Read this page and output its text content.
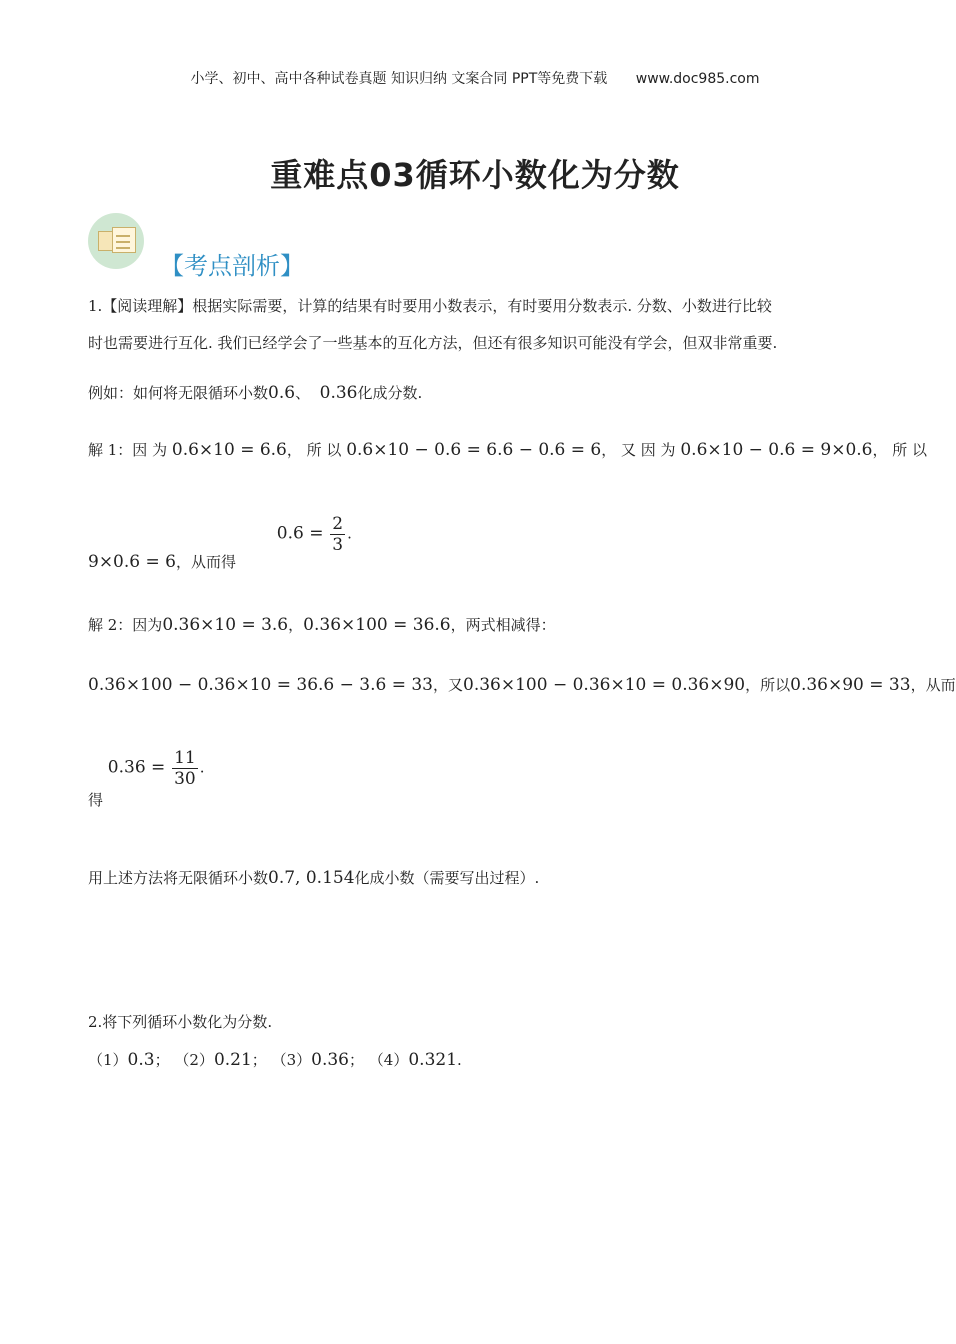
小学、初中、高中各种试卷真题 知识归纳 文案合同 PPT等免费下载 www.doc985.com
重难点03循环小数化为分数
【考点剖析】
1.【阅读理解】根据实际需要，计算的结果有时要用小数表示，有时要用分数表示. 分数、小数进行比较
时也需要进行互化. 我们已经学会了一些基本的互化方法，但还有很多知识可能没有学会，但双非常重要.
例如：如何将无限循环小数0.6、 0.36化成分数.
解 1：因 为 0.6×10 = 6.6， 所 以 0.6×10 − 0.6 = 6.6 − 0.6 = 6， 又 因 为 0.6×10 − 0.6 = 9×0.6， 所 以
9×0.6 = 6，从而得 $0.6 = \frac{2}{3}$ .
解 2：因为0.36×10 = 3.6，0.36×100 = 36.6，两式相减得：
0.36×100 − 0.36×10 = 36.6 − 3.6 = 33，又0.36×100 − 0.36×10 = 0.36×90，所以0.36×90 = 33，从而
得 $0.36 = \frac{11}{30}$ .
用上述方法将无限循环小数0.7, 0.154化成小数（需要写出过程）.
2.将下列循环小数化为分数.
（1）0.3； （2）0.21； （3）0.36； （4）0.321.
